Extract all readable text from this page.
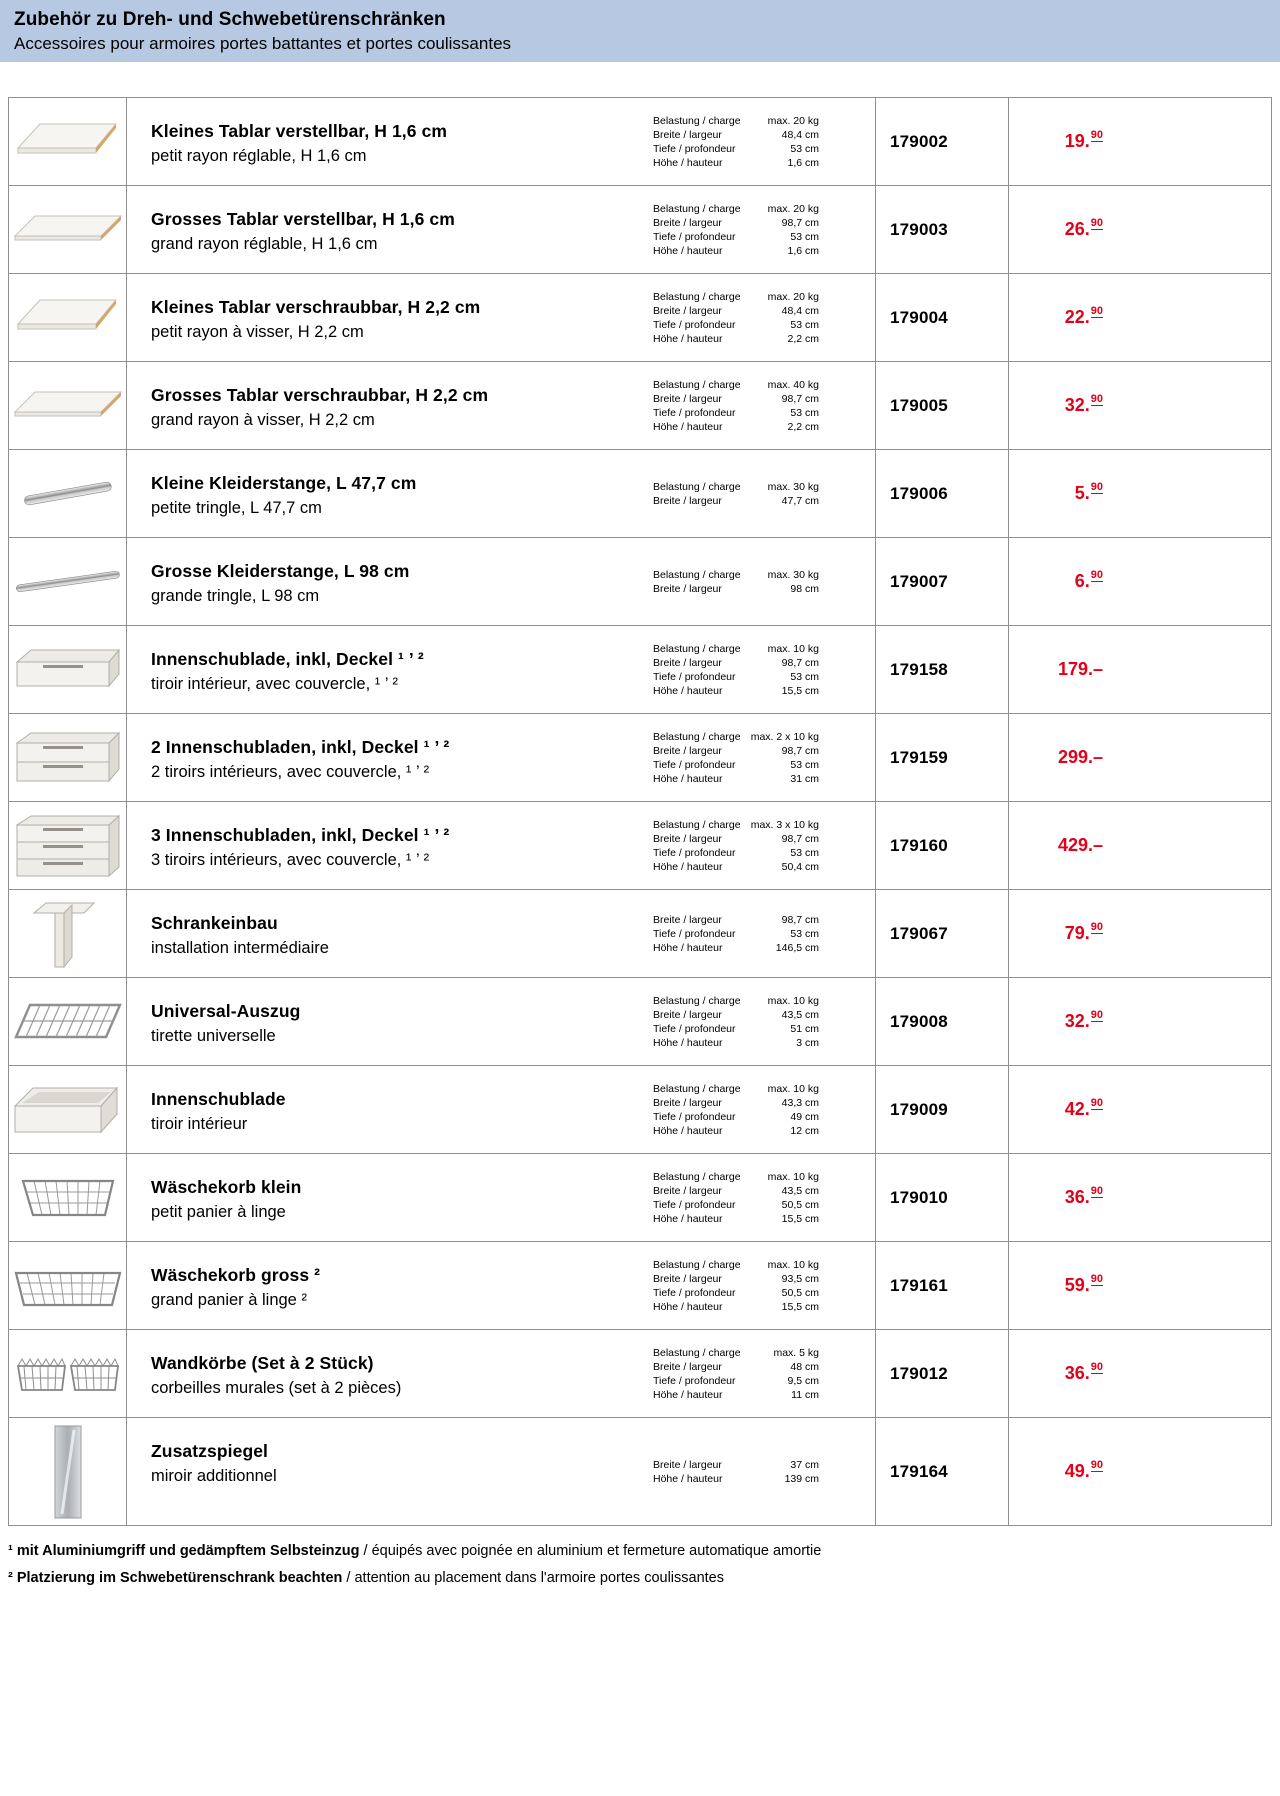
Zubehör zu Dreh- und Schwebetürenschränken
Accessoires pour armoires portes battantes et portes coulissantes
Kleines Tablar verstellbar, H 1,6 cm
petit rayon réglable, H 1,6 cm
Belastung / charge	max. 20 kg
Breite / largeur	48,4 cm
Tiefe / profondeur	53 cm
Höhe / hauteur	1,6 cm
179002	19. 90
Grosses Tablar verstellbar, H 1,6 cm
grand rayon réglable, H 1,6 cm
Belastung / charge	max. 20 kg
Breite / largeur	98,7 cm
Tiefe / profondeur	53 cm
Höhe / hauteur	1,6 cm
179003	26. 90
Kleines Tablar verschraubbar, H 2,2 cm
petit rayon à visser, H 2,2 cm
Belastung / charge	max. 20 kg
Breite / largeur	48,4 cm
Tiefe / profondeur	53 cm
Höhe / hauteur	2,2 cm
179004	22. 90
Grosses Tablar verschraubbar, H 2,2 cm
grand rayon à visser, H 2,2 cm
Belastung / charge	max. 40 kg
Breite / largeur	98,7 cm
Tiefe / profondeur	53 cm
Höhe / hauteur	2,2 cm
179005	32. 90
Kleine Kleiderstange, L 47,7 cm
petite tringle, L 47,7 cm
Belastung / charge	max. 30 kg
Breite / largeur	47,7 cm	179006	5. 90
Grosse Kleiderstange, L 98 cm
grande tringle, L 98 cm
Belastung / charge	max. 30 kg
Breite / largeur	98 cm	179007	6. 90
Innenschublade, inkl, Deckel ¹ ’ ²
tiroir intérieur, avec couvercle, ¹ ’ ²
Belastung / charge	max. 10 kg
Breite / largeur	98,7 cm
Tiefe / profondeur	53 cm
Höhe / hauteur	15,5 cm
179158	179.–
2 Innenschubladen, inkl, Deckel ¹ ’ ²
2 tiroirs intérieurs, avec couvercle, ¹ ’ ²
Belastung / charge max. 2 x 10 kg
Breite / largeur	98,7 cm
Tiefe / profondeur	53 cm
Höhe / hauteur	31 cm
179159	299.–
3 Innenschubladen, inkl, Deckel ¹ ’ ²
3 tiroirs intérieurs, avec couvercle, ¹ ’ ²
Belastung / charge max. 3 x 10 kg
Breite / largeur	98,7 cm
Tiefe / profondeur	53 cm
Höhe / hauteur	50,4 cm
179160	429.–
Schrankeinbau
installation intermédiaire
Breite / largeur	98,7 cm
Tiefe / profondeur	53 cm
Höhe / hauteur	146,5 cm
179067	79. 90
Universal-Auszug
tirette universelle
Belastung / charge	max. 10 kg
Breite / largeur	43,5 cm
Tiefe / profondeur	51 cm
Höhe / hauteur	3 cm
179008	32. 90
Innenschublade
tiroir intérieur
Belastung / charge	max. 10 kg
Breite / largeur	43,3 cm
Tiefe / profondeur	49 cm
Höhe / hauteur	12 cm
179009	42. 90
Wäschekorb klein
petit panier à linge
Belastung / charge	max. 10 kg
Breite / largeur	43,5 cm
Tiefe / profondeur	50,5 cm
Höhe / hauteur	15,5 cm
179010	36. 90
Wäschekorb gross ²
grand panier à linge ²
Belastung / charge	max. 10 kg
Breite / largeur	93,5 cm
Tiefe / profondeur	50,5 cm
Höhe / hauteur	15,5 cm
179161	59. 90
Wandkörbe (Set à 2 Stück)
corbeilles murales (set à 2 pièces)
Belastung / charge	max. 5 kg
Breite / largeur	48 cm
Tiefe / profondeur	9,5 cm
Höhe / hauteur	11 cm
179012	36. 90
Zusatzspiegel
miroir additionnel
Breite / largeur	37 cm
Höhe / hauteur	139 cm	179164	49. 90
¹ mit Aluminiumgriff und gedämpftem Selbsteinzug / équipés avec poignée en aluminium et fermeture automatique amortie
² Platzierung im Schwebetürenschrank beachten / attention au placement dans l'armoire portes coulissantes
